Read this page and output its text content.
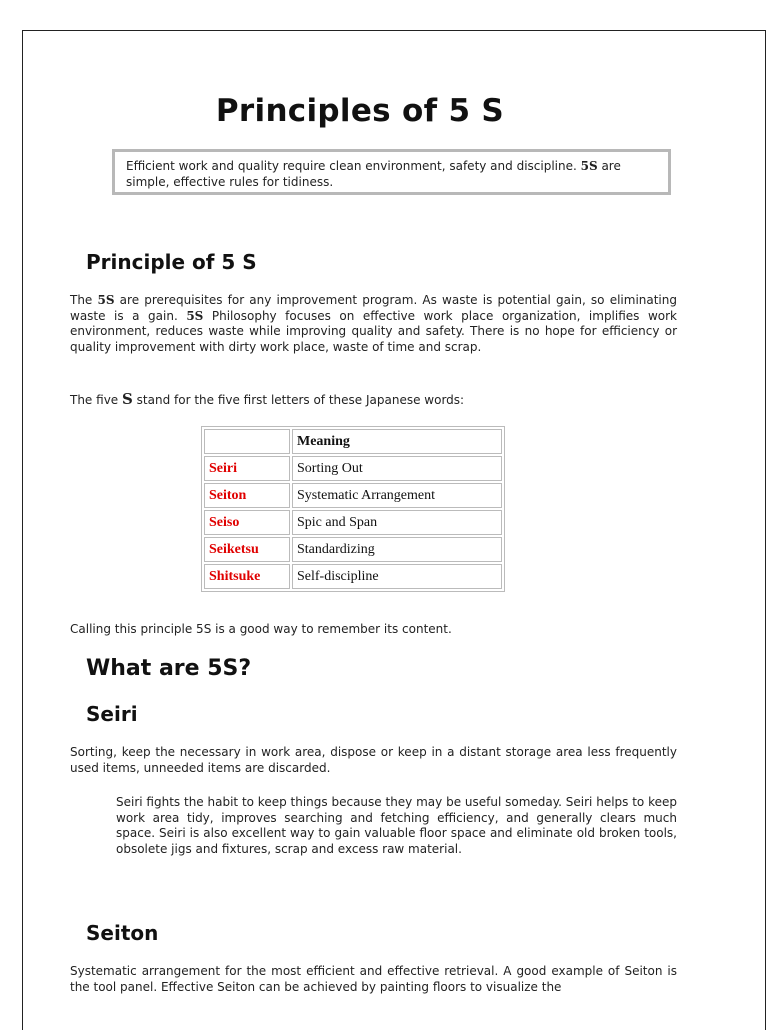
Principles of 5 S
Efficient work and quality require clean environment, safety and discipline. 5S are simple, effective rules for tidiness.
Principle of 5 S

The 5S are prerequisites for any improvement program. As waste is potential gain, so eliminating waste is a gain. 5S Philosophy focuses on effective work place organization, implifies work environment, reduces waste while improving quality and safety. There is no hope for efficiency or quality improvement with dirty work place, waste of time and scrap.

The five S stand for the five first letters of these Japanese words:

	Meaning
Seiri	Sorting Out
Seiton	Systematic Arrangement
Seiso	Spic and Span
Seiketsu	Standardizing
Shitsuke	Self-discipline

Calling this principle 5S is a good way to remember its content.

What are 5S?
Seiri

Sorting, keep the necessary in work area, dispose or keep in a distant storage area less frequently used items, unneeded items are discarded.

Seiri fights the habit to keep things because they may be useful someday. Seiri helps to keep work area tidy, improves searching and fetching efficiency, and generally clears much space. Seiri is also excellent way to gain valuable floor space and eliminate old broken tools, obsolete jigs and fixtures, scrap and excess raw material.

Seiton

Systematic arrangement for the most efficient and effective retrieval. A good example of Seiton is the tool panel. Effective Seiton can be achieved by painting floors to visualize the
